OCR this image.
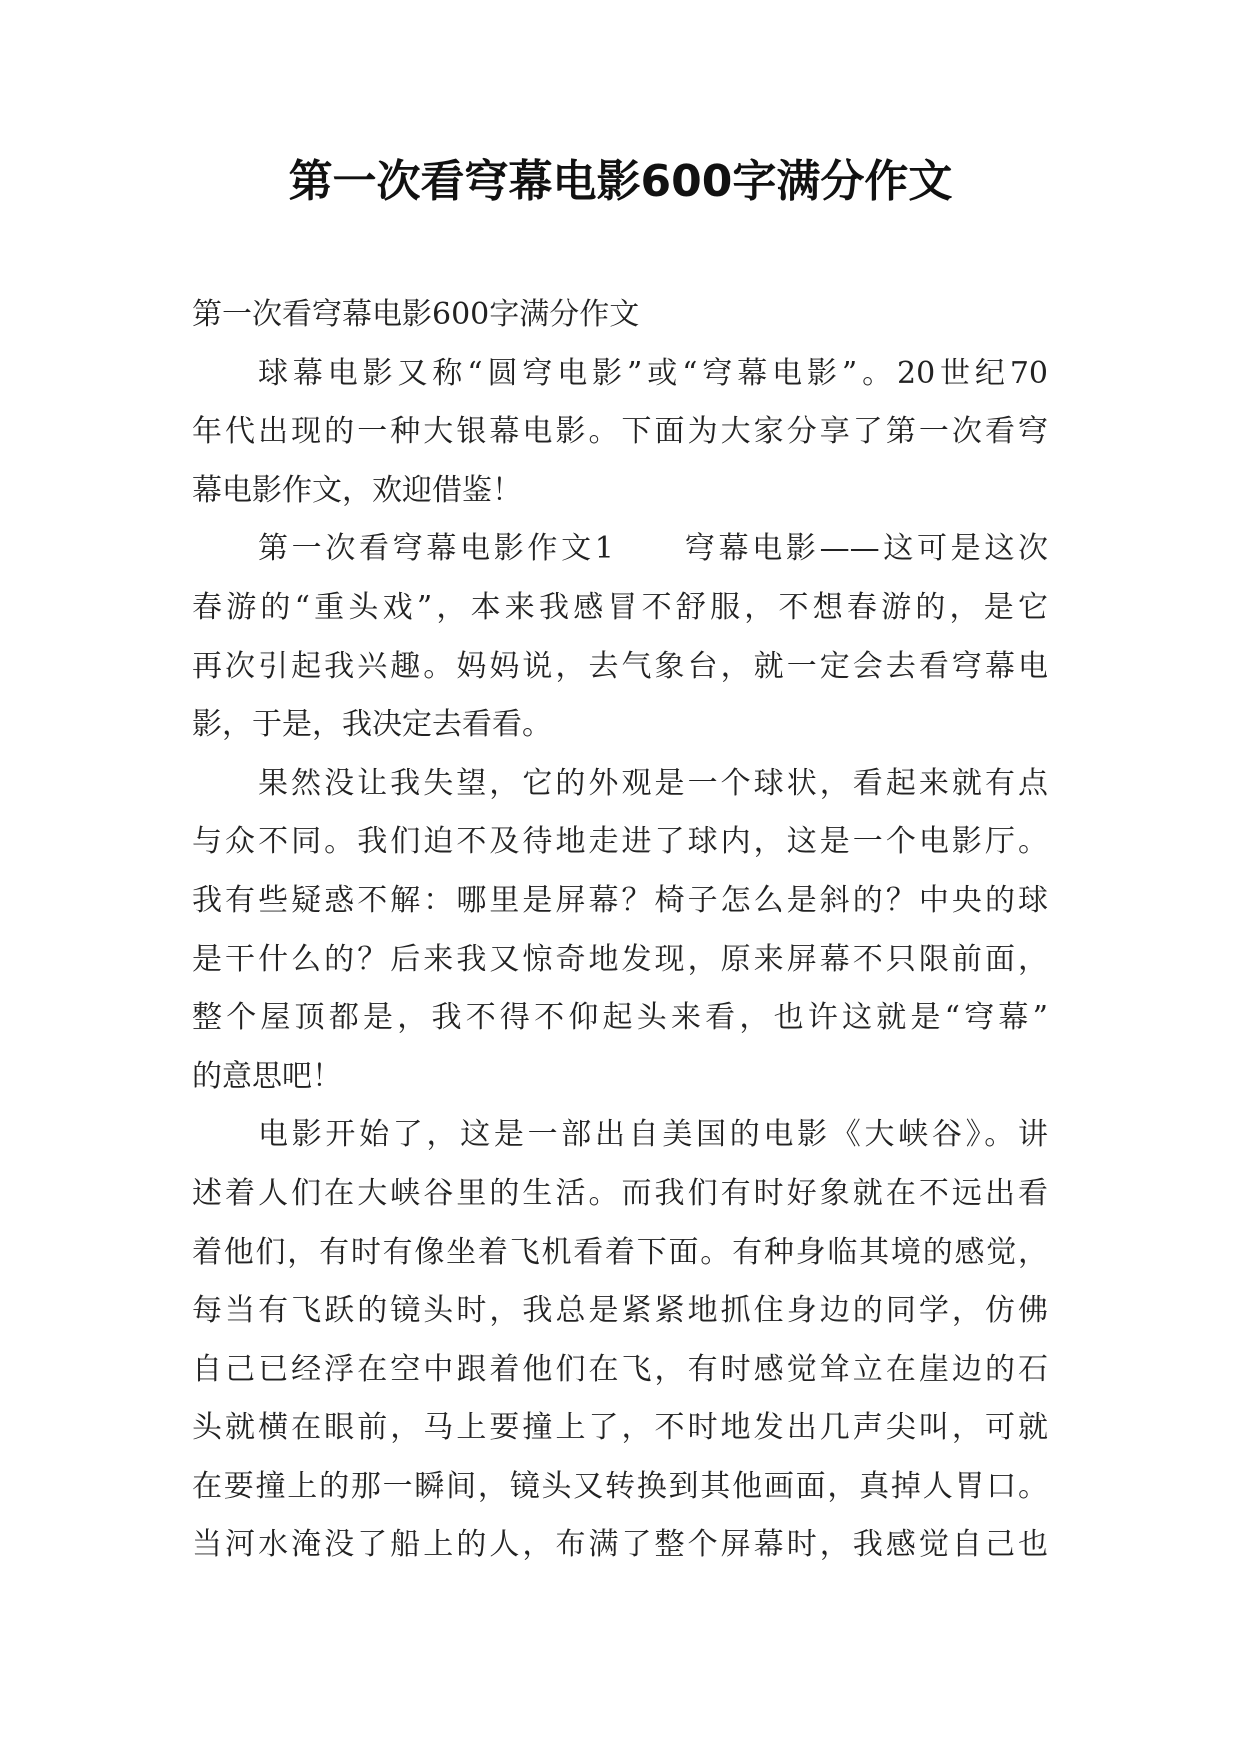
第一次看穹幕电影600字满分作文
第一次看穹幕电影600字满分作文
球幕电影又称“圆穹电影”或“穹幕电影”。20世纪70
年代出现的一种大银幕电影。下面为大家分享了第一次看穹
幕电影作文，欢迎借鉴！
第一次看穹幕电影作文1　　穹幕电影——这可是这次
春游的“重头戏”，本来我感冒不舒服，不想春游的，是它
再次引起我兴趣。妈妈说，去气象台，就一定会去看穹幕电
影，于是，我决定去看看。
果然没让我失望，它的外观是一个球状，看起来就有点
与众不同。我们迫不及待地走进了球内，这是一个电影厅。
我有些疑惑不解：哪里是屏幕？椅子怎么是斜的？中央的球
是干什么的？后来我又惊奇地发现，原来屏幕不只限前面，
整个屋顶都是，我不得不仰起头来看，也许这就是“穹幕”
的意思吧！
电影开始了，这是一部出自美国的电影《大峡谷》。讲
述着人们在大峡谷里的生活。而我们有时好象就在不远出看
着他们，有时有像坐着飞机看着下面。有种身临其境的感觉，
每当有飞跃的镜头时，我总是紧紧地抓住身边的同学，仿佛
自己已经浮在空中跟着他们在飞，有时感觉耸立在崖边的石
头就横在眼前，马上要撞上了，不时地发出几声尖叫，可就
在要撞上的那一瞬间，镜头又转换到其他画面，真掉人胃口。
当河水淹没了船上的人，布满了整个屏幕时，我感觉自己也
